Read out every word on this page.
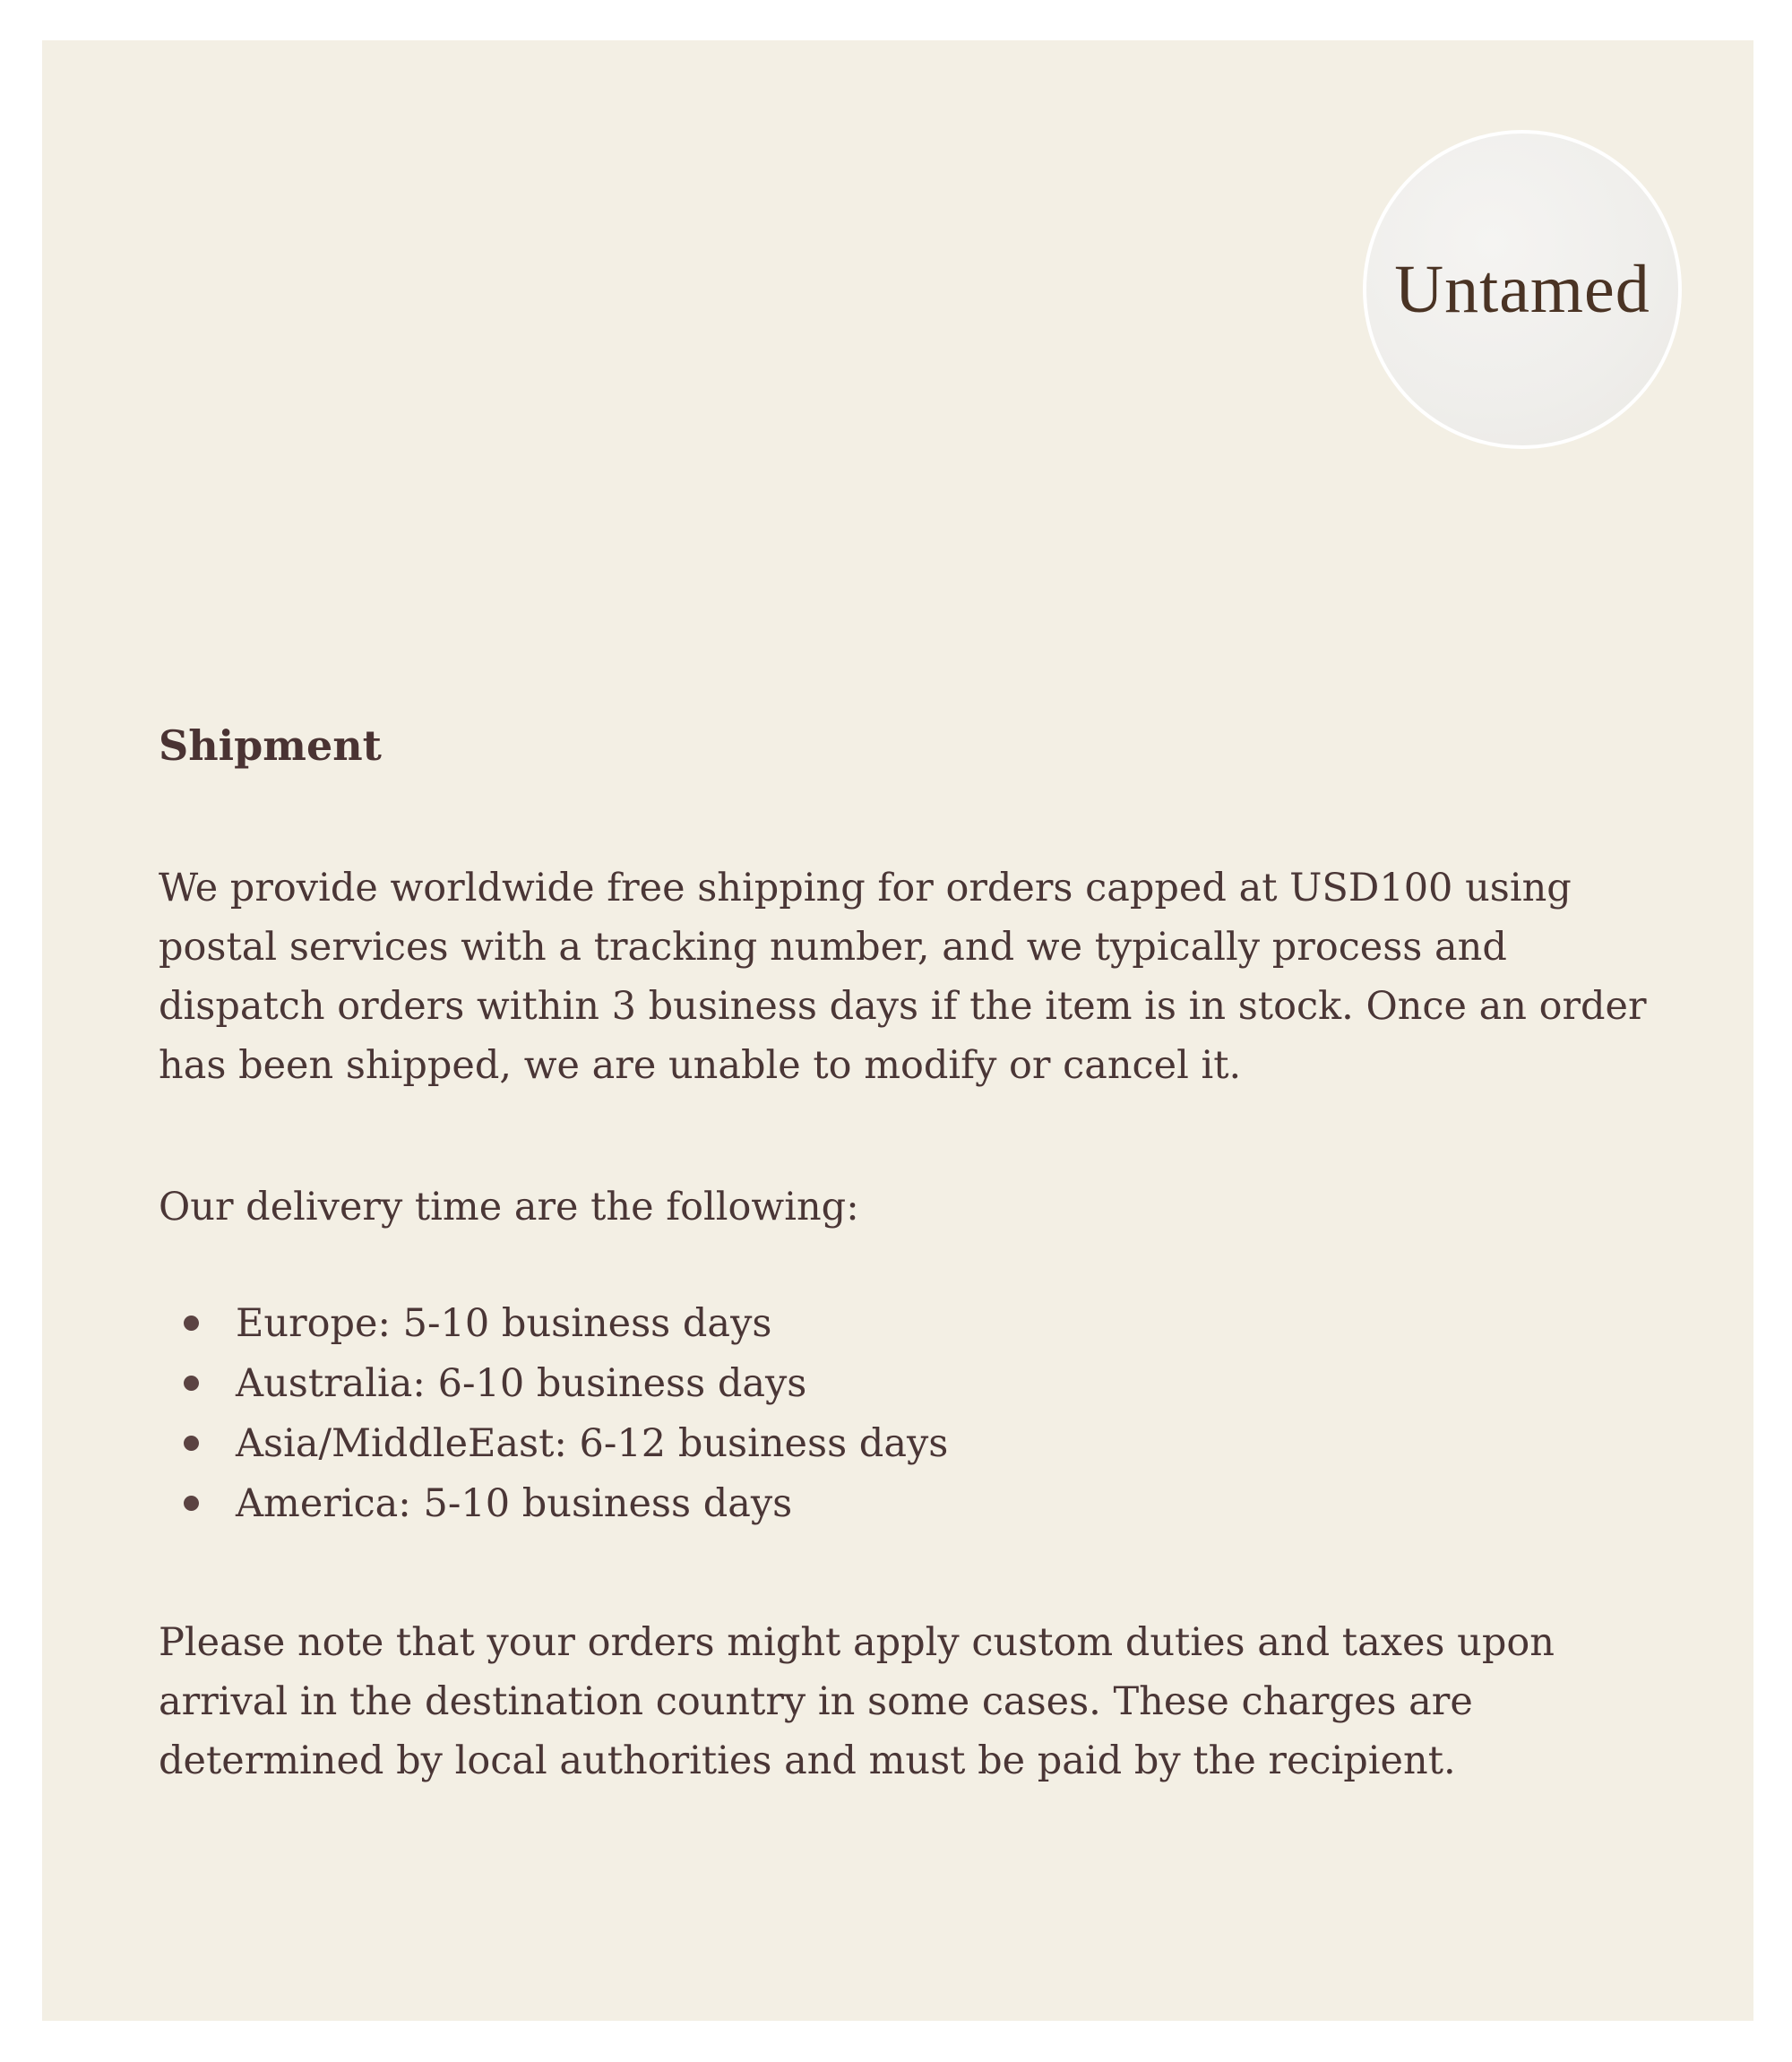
Untamed
Shipment

We provide worldwide free shipping for orders capped at USD100 using postal services with a tracking number, and we typically process and dispatch orders within 3 business days if the item is in stock. Once an order has been shipped, we are unable to modify or cancel it.

Our delivery time are the following:

Europe: 5-10 business days
Australia: 6-10 business days
Asia/MiddleEast: 6-12 business days
America: 5-10 business days

Please note that your orders might apply custom duties and taxes upon arrival in the destination country in some cases. These charges are determined by local authorities and must be paid by the recipient.
